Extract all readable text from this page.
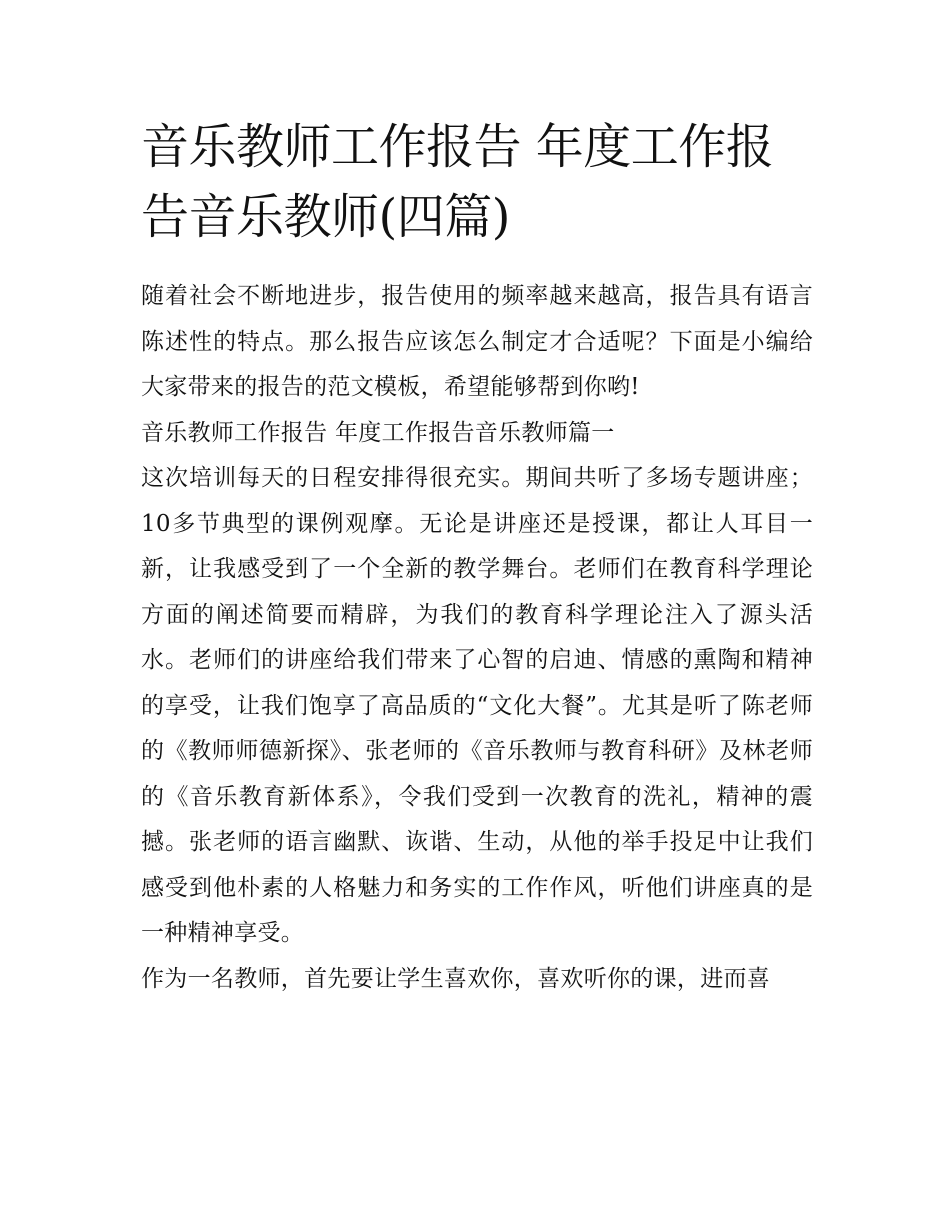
音乐教师工作报告 年度工作报告音乐教师(四篇)

随着社会不断地进步，报告使用的频率越来越高，报告具有语言陈述性的特点。那么报告应该怎么制定才合适呢？下面是小编给大家带来的报告的范文模板，希望能够帮到你哟!

音乐教师工作报告 年度工作报告音乐教师篇一

这次培训每天的日程安排得很充实。期间共听了多场专题讲座；10多节典型的课例观摩。无论是讲座还是授课，都让人耳目一新，让我感受到了一个全新的教学舞台。老师们在教育科学理论方面的阐述简要而精辟，为我们的教育科学理论注入了源头活水。老师们的讲座给我们带来了心智的启迪、情感的熏陶和精神的享受，让我们饱享了高品质的“文化大餐”。尤其是听了陈老师的《教师师德新探》、张老师的《音乐教师与教育科研》及林老师的《音乐教育新体系》，令我们受到一次教育的洗礼，精神的震撼。张老师的语言幽默、诙谐、生动，从他的举手投足中让我们感受到他朴素的人格魅力和务实的工作作风，听他们讲座真的是一种精神享受。

作为一名教师，首先要让学生喜欢你，喜欢听你的课，进而喜
